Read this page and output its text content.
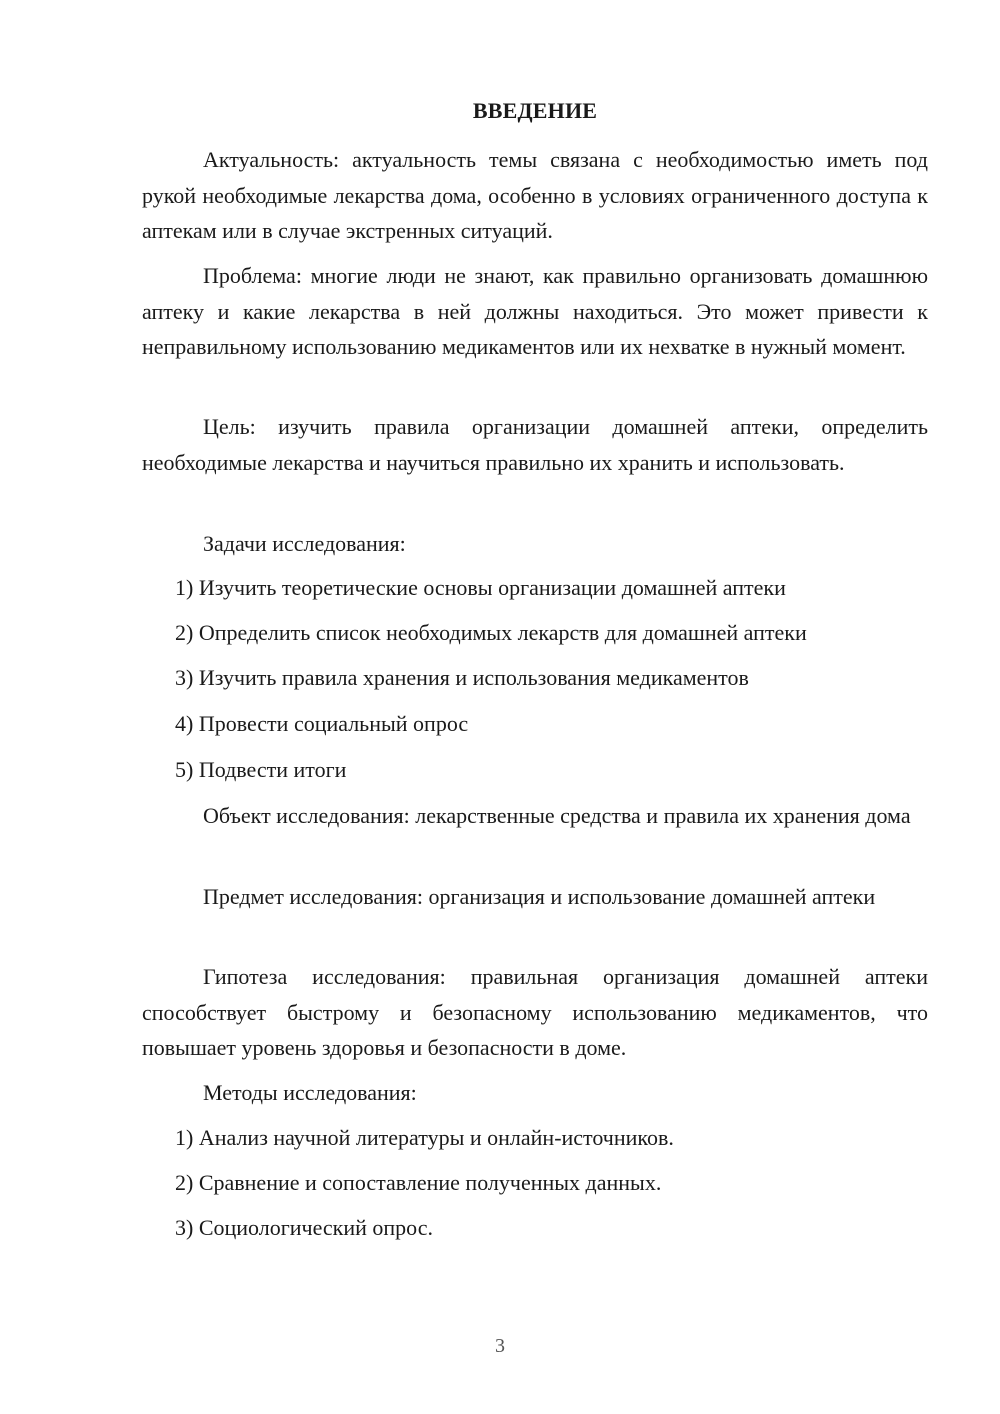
ВВЕДЕНИЕ

Актуальность: актуальность темы связана с необходимостью иметь под рукой необходимые лекарства дома, особенно в условиях ограниченного доступа к аптекам или в случае экстренных ситуаций.

Проблема: многие люди не знают, как правильно организовать домашнюю аптеку и какие лекарства в ней должны находиться. Это может привести к неправильному использованию медикаментов или их нехватке в нужный момент.

Цель: изучить правила организации домашней аптеки, определить необходимые лекарства и научиться правильно их хранить и использовать.

Задачи исследования:

1) Изучить теоретические основы организации домашней аптеки
2) Определить список необходимых лекарств для домашней аптеки
3) Изучить правила хранения и использования медикаментов
4) Провести социальный опрос
5) Подвести итоги

Объект исследования: лекарственные средства и правила их хранения дома

Предмет исследования: организация и использование домашней аптеки

Гипотеза исследования: правильная организация домашней аптеки способствует быстрому и безопасному использованию медикаментов, что повышает уровень здоровья и безопасности в доме.

Методы исследования:

1) Анализ научной литературы и онлайн-источников.
2) Сравнение и сопоставление полученных данных.
3) Социологический опрос.
3
